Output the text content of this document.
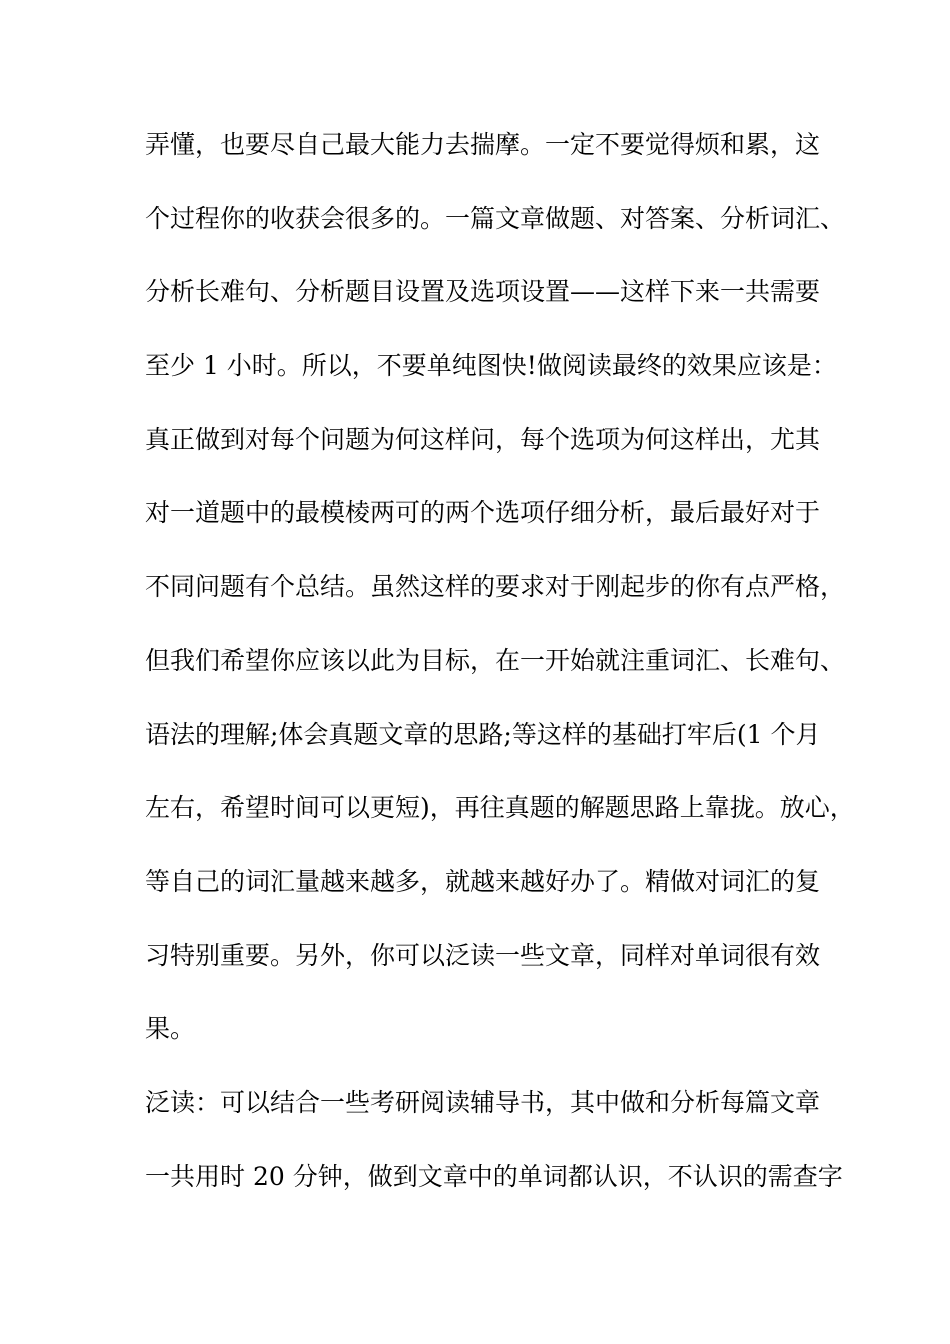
弄懂，也要尽自己最大能力去揣摩。一定不要觉得烦和累，这
个过程你的收获会很多的。一篇文章做题、对答案、分析词汇、
分析长难句、分析题目设置及选项设置——这样下来一共需要
至少 1 小时。所以，不要单纯图快!做阅读最终的效果应该是：
真正做到对每个问题为何这样问，每个选项为何这样出，尤其
对一道题中的最模棱两可的两个选项仔细分析，最后最好对于
不同问题有个总结。虽然这样的要求对于刚起步的你有点严格，
但我们希望你应该以此为目标，在一开始就注重词汇、长难句、
语法的理解;体会真题文章的思路;等这样的基础打牢后(1 个月
左右，希望时间可以更短)，再往真题的解题思路上靠拢。放心，
等自己的词汇量越来越多，就越来越好办了。精做对词汇的复
习特别重要。另外，你可以泛读一些文章，同样对单词很有效
果。
泛读：可以结合一些考研阅读辅导书，其中做和分析每篇文章
一共用时 20 分钟，做到文章中的单词都认识，不认识的需查字
